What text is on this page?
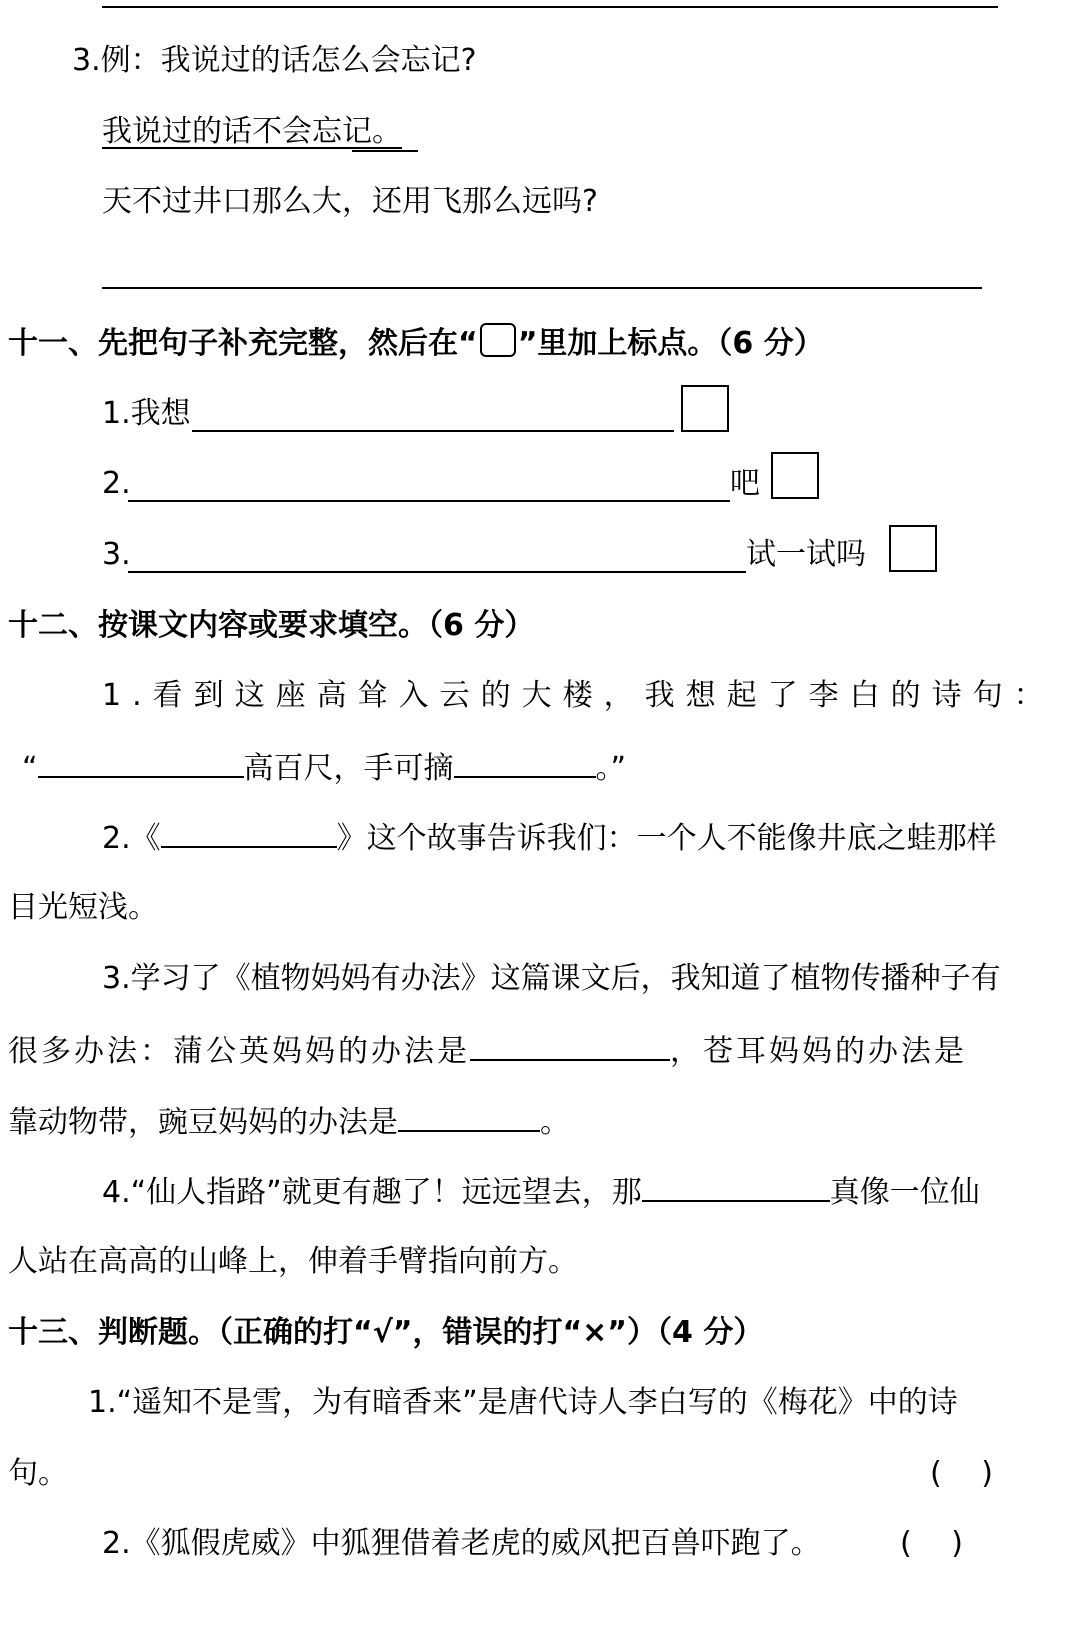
3.例：我说过的话怎么会忘记?
我说过的话不会忘记。
天不过井口那么大，还用飞那么远吗?
十一、先把句子补充完整，然后在“ ”里加上标点。（6 分）
1.我想
2.	吧
3.	试一试吗
十二、按课文内容或要求填空。（6 分）
1.看到这座高耸入云的大楼，我想起了李白的诗句：
“	高百尺，手可摘	。”
2.《	》这个故事告诉我们：一个人不能像井底之蛙那样
目光短浅。
3.学习了《植物妈妈有办法》这篇课文后，我知道了植物传播种子有
很多办法：蒲公英妈妈的办法是	，苍耳妈妈的办法是
靠动物带，豌豆妈妈的办法是	。
4.“仙人指路”就更有趣了！远远望去，那	真像一位仙
人站在高高的山峰上，伸着手臂指向前方。
十三、判断题。（正确的打“√”，错误的打“×”）（4 分）
1.“遥知不是雪，为有暗香来”是唐代诗人李白写的《梅花》中的诗
句。	(　 )
2.《狐假虎威》中狐狸借着老虎的威风把百兽吓跑了。	(　 )
